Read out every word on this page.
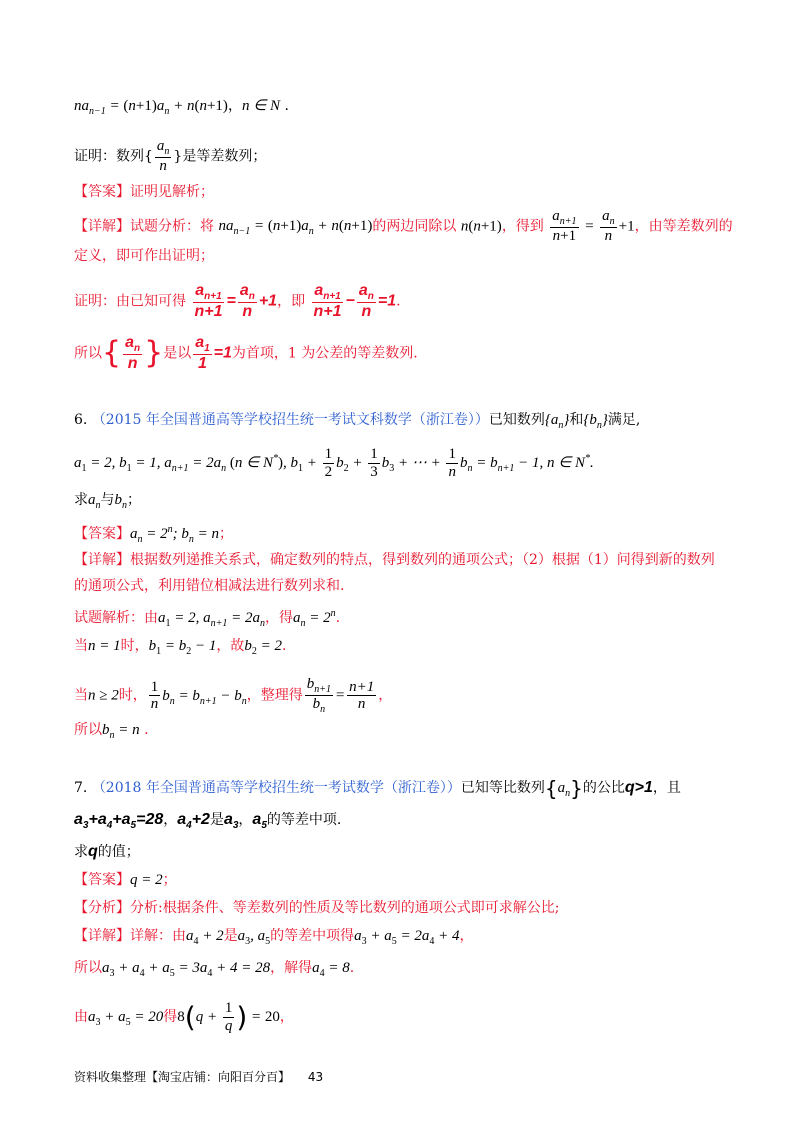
$na_{n-1} = (n+1)a_n + n(n+1)$，n ∈ N .
证明：数列{ $\frac{a_n}{n}$ }是等差数列；
【答案】证明见解析；
【详解】试题分析：将 $na_{n-1} = (n+1)a_n + n(n+1)$的两边同除以 n(n+1)，得到 $\frac{a_{n+1}}{n+1} = \frac{a_n}{n} +1$，由等差数列的
定义，即可作出证明；
证明：由已知可得 $\frac{a_{n+1}}{n+1} = \frac{a_n}{n} +1$，即 $\frac{a_{n+1}}{n+1} - \frac{a_n}{n} =1$.
所以{ $\frac{a_n}{n}$ }是以 $\frac{a_1}{1} =1$为首项，1 为公差的等差数列.
6. （2015 年全国普通高等学校招生统一考试文科数学（浙江卷））已知数列$\{a_n\}$和$\{b_n\}$满足,
$a_1 = 2$, $b_1 = 1$, $a_{n+1} = 2a_n$ (n ∈ N*), $b_1 + \frac{1}{2} b_2 + \frac{1}{3} b_3$ + ⋯ + $\frac{1}{n} b_n = b_{n+1} - 1$, n ∈ N*.
求$a_n$与$b_n$；
【答案】$a_n = 2^n$; $b_n = n$；
【详解】根据数列递推关系式，确定数列的特点，得到数列的通项公式；（2）根据（1）问得到新的数列
的通项公式，利用错位相减法进行数列求和.
试题解析：由$a_1 = 2$, $a_{n+1} = 2a_n$，得$a_n = 2^n$.
当n = 1时，$b_1 = b_2 - 1$，故$b_2 = 2$.
当n ≥ 2时， $\frac{1}{n} b_n = b_{n+1} - b_n$，整理得 $\frac{b_{n+1}}{b_n} = \frac{n+1}{n}$ ，
所以$b_n = n$ .
7. （2018 年全国普通高等学校招生统一考试数学（浙江卷））已知等比数列$\{a_n\}$的公比q>1，且
$a_3+a_4+a_5=28$，$a_4+2$是$a_3$，$a_5$的等差中项.
求q的值；
【答案】q = 2；
【分析】分析:根据条件、等差数列的性质及等比数列的通项公式即可求解公比;
【详解】详解：由$a_4 + 2$是$a_3$, $a_5$的等差中项得$a_3 + a_5 = 2a_4 + 4$，
所以$a_3 + a_4 + a_5 = 3a_4 + 4 = 28$，解得$a_4 = 8$.
由$a_3 + a_5 = 20$得$8(q + \frac{1}{q}$ ) = 20，
资料收集整理【淘宝店铺：向阳百分百】 43
